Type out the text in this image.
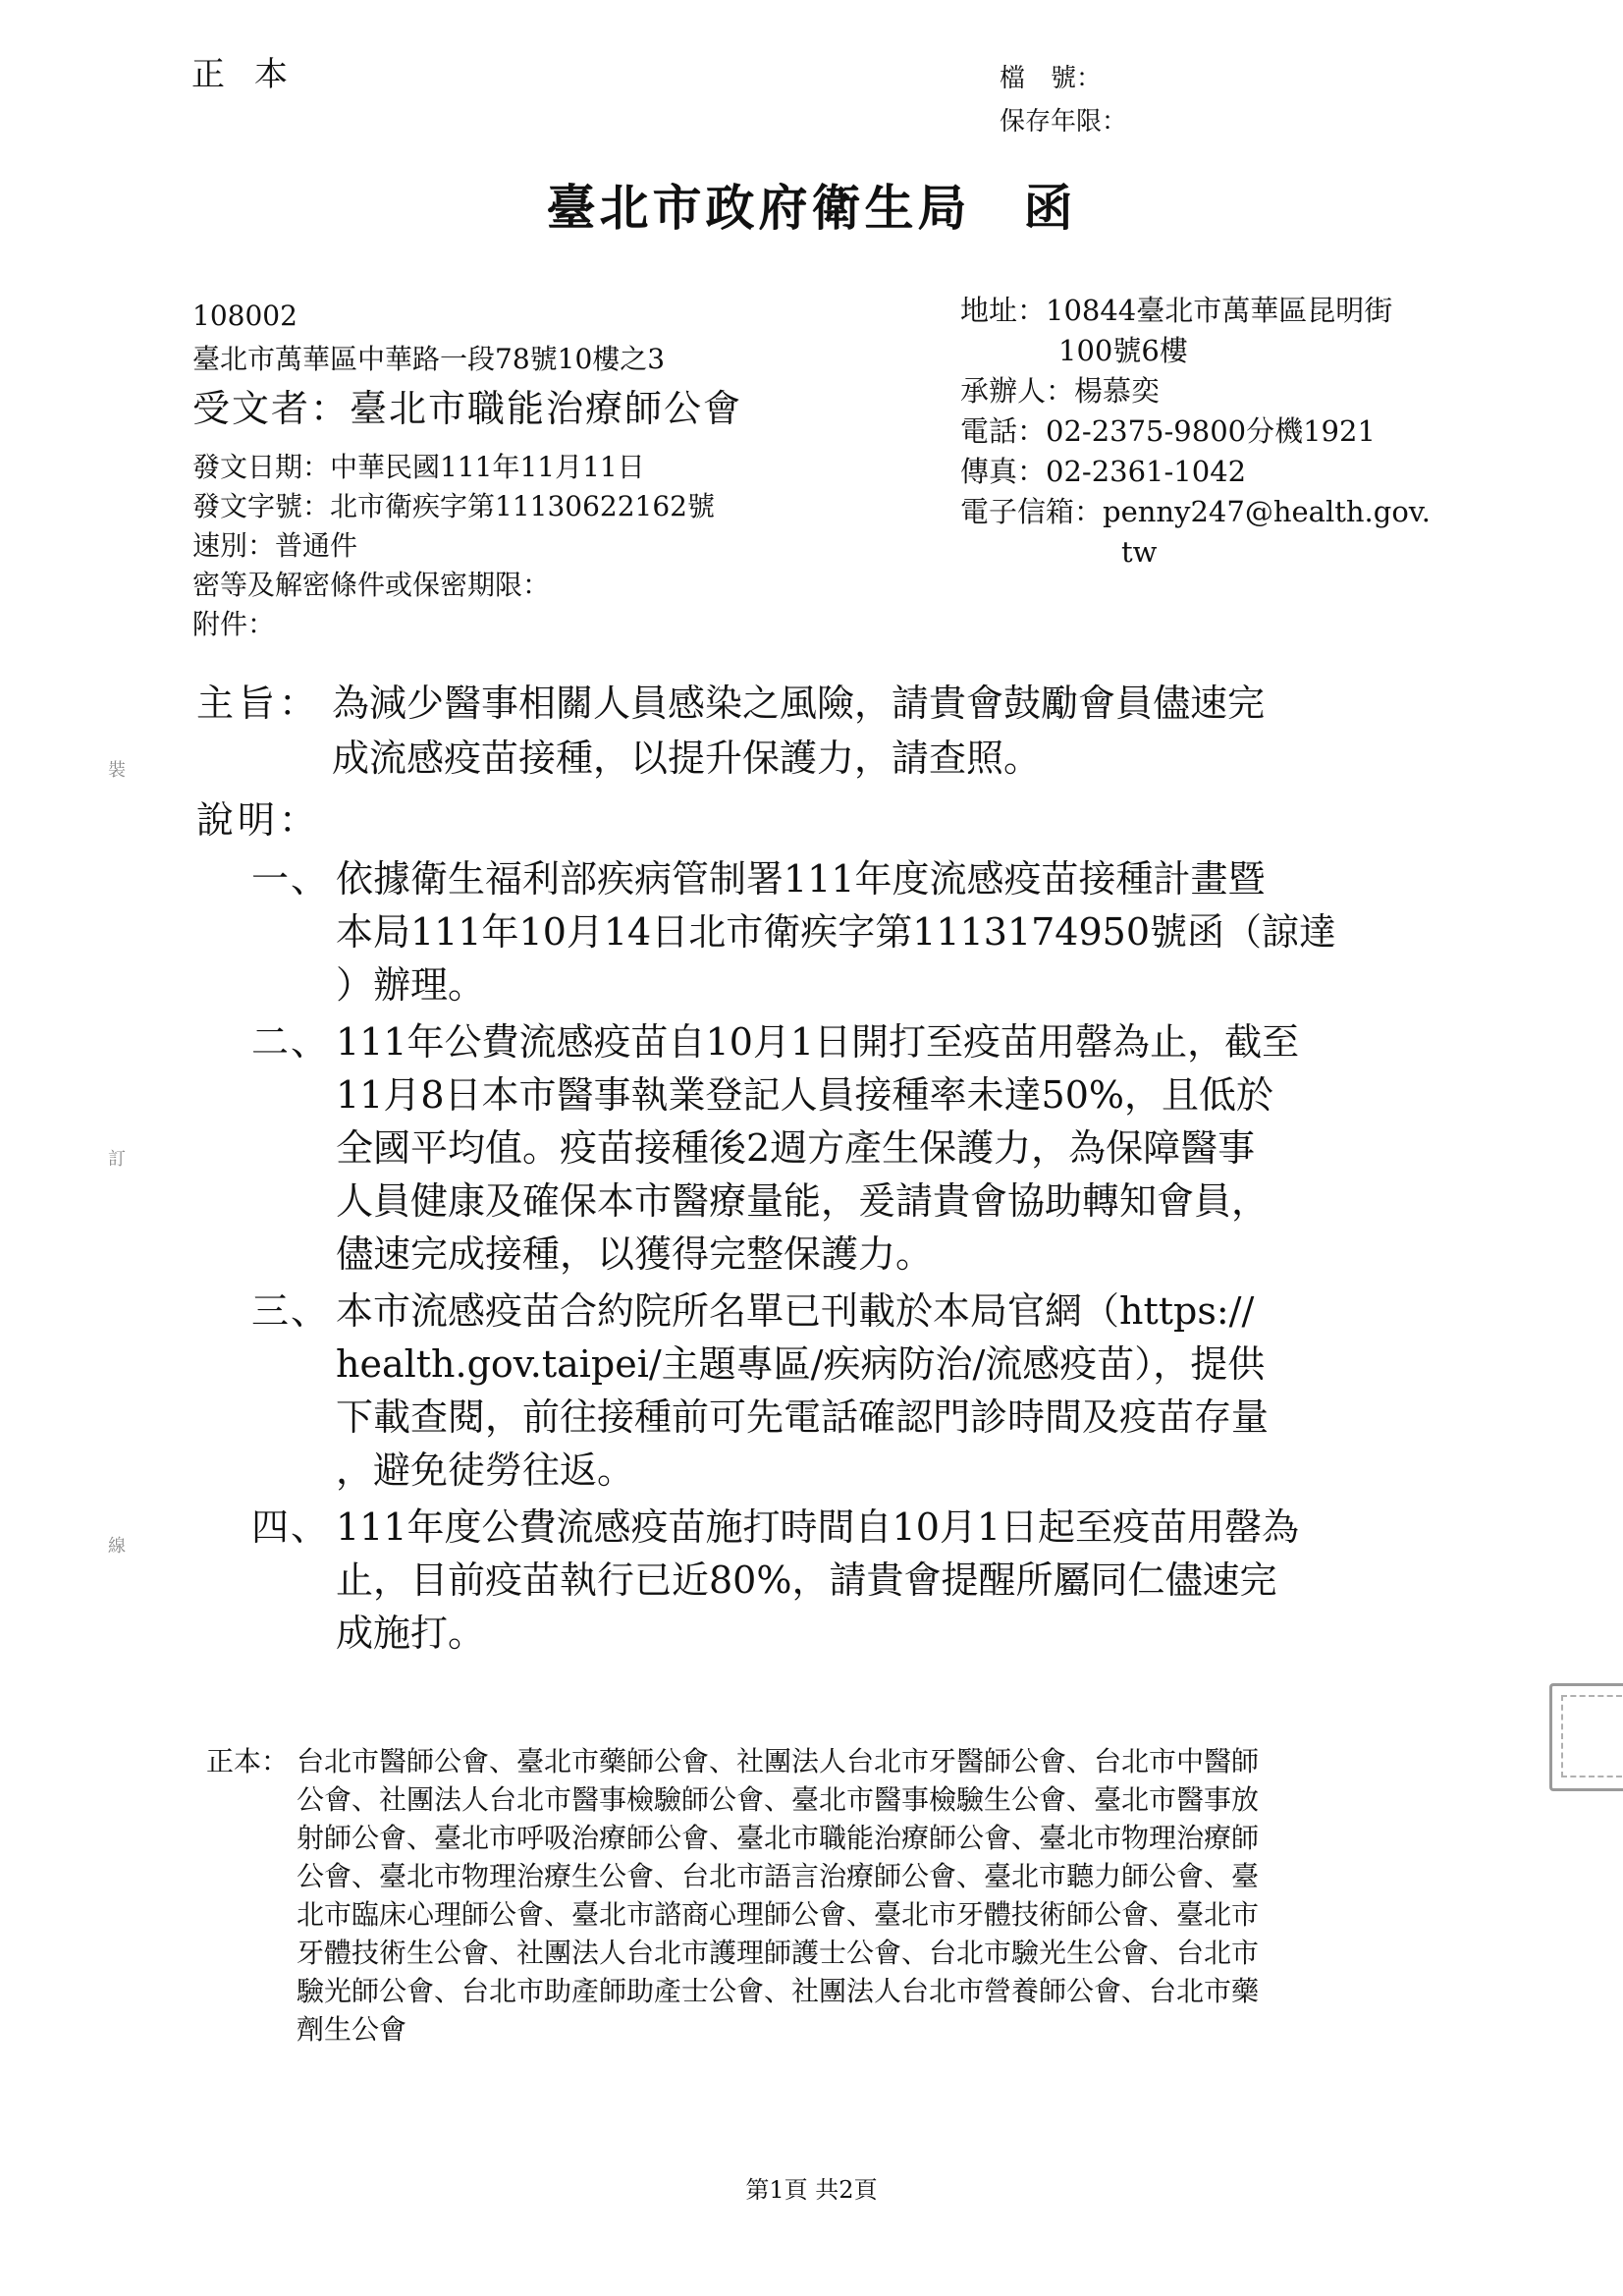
正本	檔　號：
保存年限：
臺北市政府衛生局 函
108002
臺北市萬華區中華路一段78號10樓之3
受文者：臺北市職能治療師公會
地址：10844臺北市萬華區昆明街
100號6樓
承辦人：楊慕奕
電話：02-2375-9800分機1921
傳真：02-2361-1042
電子信箱：penny247@health.gov.
tw
發文日期：中華民國111年11月11日
發文字號：北市衛疾字第11130622162號
速別：普通件
密等及解密條件或保密期限：
附件：
主旨： 為減少醫事相關人員感染之風險，請貴會鼓勵會員儘速完
成流感疫苗接種，以提升保護力，請查照。
說明：
一、 依據衛生福利部疾病管制署111年度流感疫苗接種計畫暨
本局111年10月14日北市衛疾字第1113174950號函（諒達
）辦理。
二、 111年公費流感疫苗自10月1日開打至疫苗用罄為止，截至
11月8日本市醫事執業登記人員接種率未達50%，且低於
全國平均值。疫苗接種後2週方產生保護力，為保障醫事
人員健康及確保本市醫療量能，爰請貴會協助轉知會員，
儘速完成接種，以獲得完整保護力。
三、 本市流感疫苗合約院所名單已刊載於本局官網（https://
health.gov.taipei/主題專區/疾病防治/流感疫苗），提供
下載查閱，前往接種前可先電話確認門診時間及疫苗存量
，避免徒勞往返。
四、 111年度公費流感疫苗施打時間自10月1日起至疫苗用罄為
止，目前疫苗執行已近80%，請貴會提醒所屬同仁儘速完
成施打。
正本： 台北市醫師公會、臺北市藥師公會、社團法人台北市牙醫師公會、台北市中醫師
公會、社團法人台北市醫事檢驗師公會、臺北市醫事檢驗生公會、臺北市醫事放
射師公會、臺北市呼吸治療師公會、臺北市職能治療師公會、臺北市物理治療師
公會、臺北市物理治療生公會、台北市語言治療師公會、臺北市聽力師公會、臺
北市臨床心理師公會、臺北市諮商心理師公會、臺北市牙體技術師公會、臺北市
牙體技術生公會、社團法人台北市護理師護士公會、台北市驗光生公會、台北市
驗光師公會、台北市助產師助產士公會、社團法人台北市營養師公會、台北市藥
劑生公會
第1頁 共2頁
裝
訂
線
